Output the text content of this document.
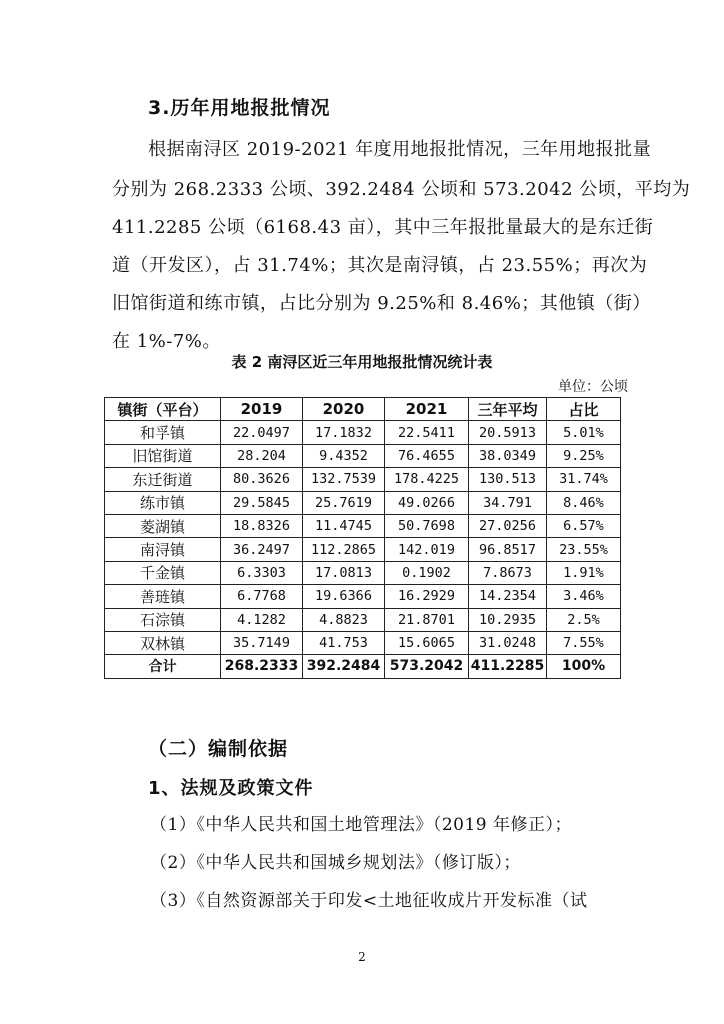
3.历年用地报批情况
根据南浔区 2019-2021 年度用地报批情况，三年用地报批量
分别为 268.2333 公顷、392.2484 公顷和 573.2042 公顷，平均为
411.2285 公顷（6168.43 亩），其中三年报批量最大的是东迁街
道（开发区），占 31.74%；其次是南浔镇，占 23.55%；再次为
旧馆街道和练市镇，占比分别为 9.25%和 8.46%；其他镇（街）
在 1%-7%。
表 2 南浔区近三年用地报批情况统计表
单位：公顷
镇街（平台）	2019	2020	2021	三年平均	占比
和孚镇	22.0497	17.1832	22.5411	20.5913	5.01%
旧馆街道	28.204	9.4352	76.4655	38.0349	9.25%
东迁街道	80.3626	132.7539	178.4225	130.513	31.74%
练市镇	29.5845	25.7619	49.0266	34.791	8.46%
菱湖镇	18.8326	11.4745	50.7698	27.0256	6.57%
南浔镇	36.2497	112.2865	142.019	96.8517	23.55%
千金镇	6.3303	17.0813	0.1902	7.8673	1.91%
善琏镇	6.7768	19.6366	16.2929	14.2354	3.46%
石淙镇	4.1282	4.8823	21.8701	10.2935	2.5%
双林镇	35.7149	41.753	15.6065	31.0248	7.55%
合计	268.2333	392.2484	573.2042	411.2285	100%
（二）编制依据
1、法规及政策文件
（1）《中华人民共和国土地管理法》（2019 年修正）；
（2）《中华人民共和国城乡规划法》（修订版）；
（3）《自然资源部关于印发<土地征收成片开发标准（试
2
